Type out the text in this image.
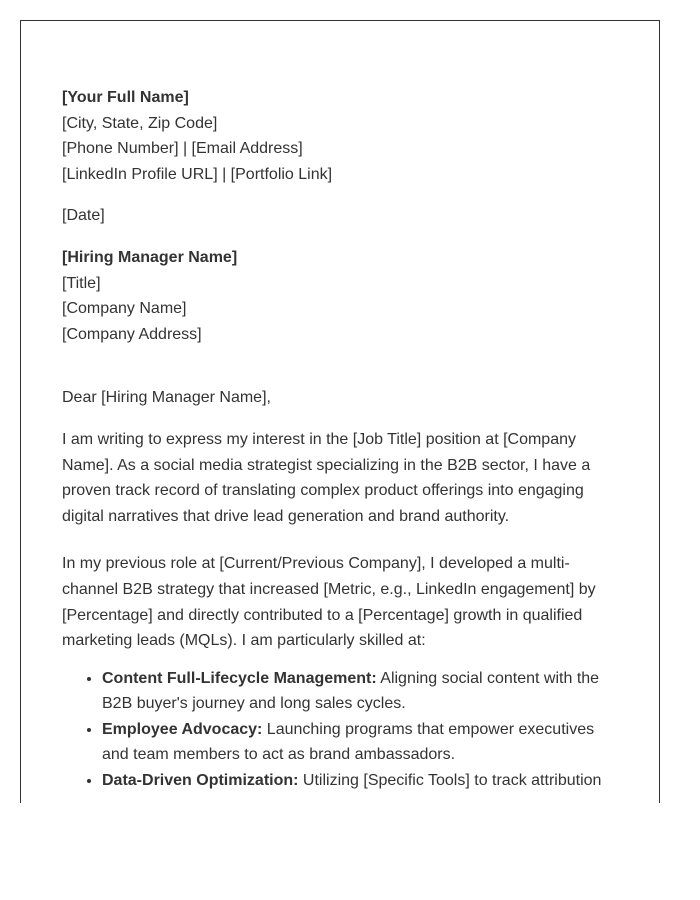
[Your Full Name]
[City, State, Zip Code]
[Phone Number] | [Email Address]
[LinkedIn Profile URL] | [Portfolio Link]
[Date]
[Hiring Manager Name]
[Title]
[Company Name]
[Company Address]

Dear [Hiring Manager Name],

I am writing to express my interest in the [Job Title] position at [Company Name]. As a social media strategist specializing in the B2B sector, I have a proven track record of translating complex product offerings into engaging digital narratives that drive lead generation and brand authority.

In my previous role at [Current/Previous Company], I developed a multi-channel B2B strategy that increased [Metric, e.g., LinkedIn engagement] by [Percentage] and directly contributed to a [Percentage] growth in qualified marketing leads (MQLs). I am particularly skilled at:

• Content Full-Lifecycle Management: Aligning social content with the B2B buyer's journey and long sales cycles.
• Employee Advocacy: Launching programs that empower executives and team members to act as brand ambassadors.
• Data-Driven Optimization: Utilizing [Specific Tools] to track attribution
